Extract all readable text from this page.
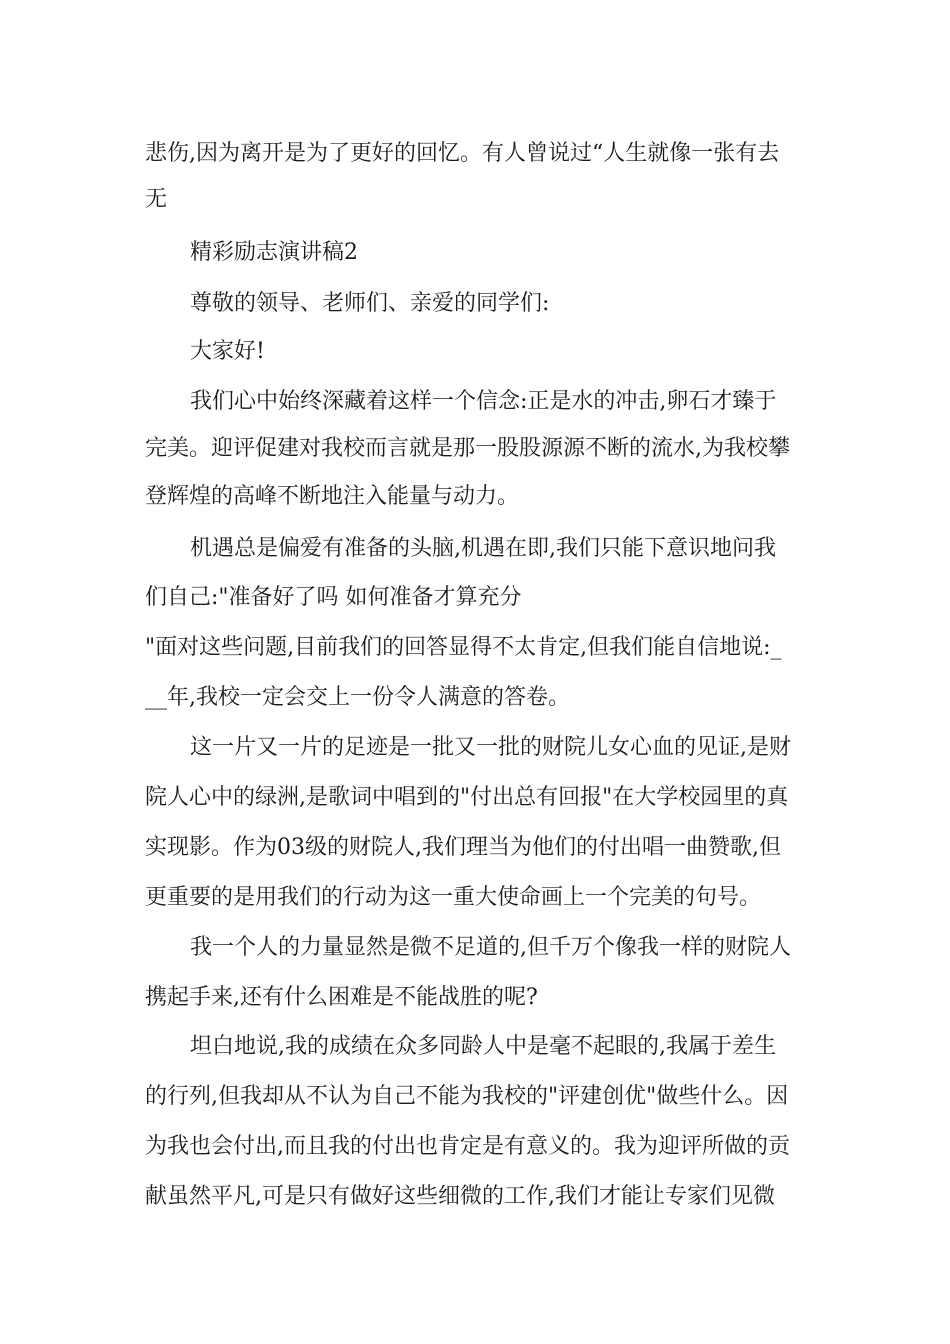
悲伤,因为离开是为了更好的回忆。有人曾说过“人生就像一张有去
无
精彩励志演讲稿2
尊敬的领导、老师们、亲爱的同学们:
大家好!
我们心中始终深藏着这样一个信念:正是水的冲击,卵石才臻于
完美。迎评促建对我校而言就是那一股股源源不断的流水,为我校攀
登辉煌的高峰不断地注入能量与动力。
机遇总是偏爱有准备的头脑,机遇在即,我们只能下意识地问我
们自己:"准备好了吗 如何准备才算充分
"面对这些问题,目前我们的回答显得不太肯定,但我们能自信地说:_
__年,我校一定会交上一份令人满意的答卷。
这一片又一片的足迹是一批又一批的财院儿女心血的见证,是财
院人心中的绿洲,是歌词中唱到的"付出总有回报"在大学校园里的真
实现影。作为03级的财院人,我们理当为他们的付出唱一曲赞歌,但
更重要的是用我们的行动为这一重大使命画上一个完美的句号。
我一个人的力量显然是微不足道的,但千万个像我一样的财院人
携起手来,还有什么困难是不能战胜的呢?
坦白地说,我的成绩在众多同龄人中是毫不起眼的,我属于差生
的行列,但我却从不认为自己不能为我校的"评建创优"做些什么。因
为我也会付出,而且我的付出也肯定是有意义的。我为迎评所做的贡
献虽然平凡,可是只有做好这些细微的工作,我们才能让专家们见微
